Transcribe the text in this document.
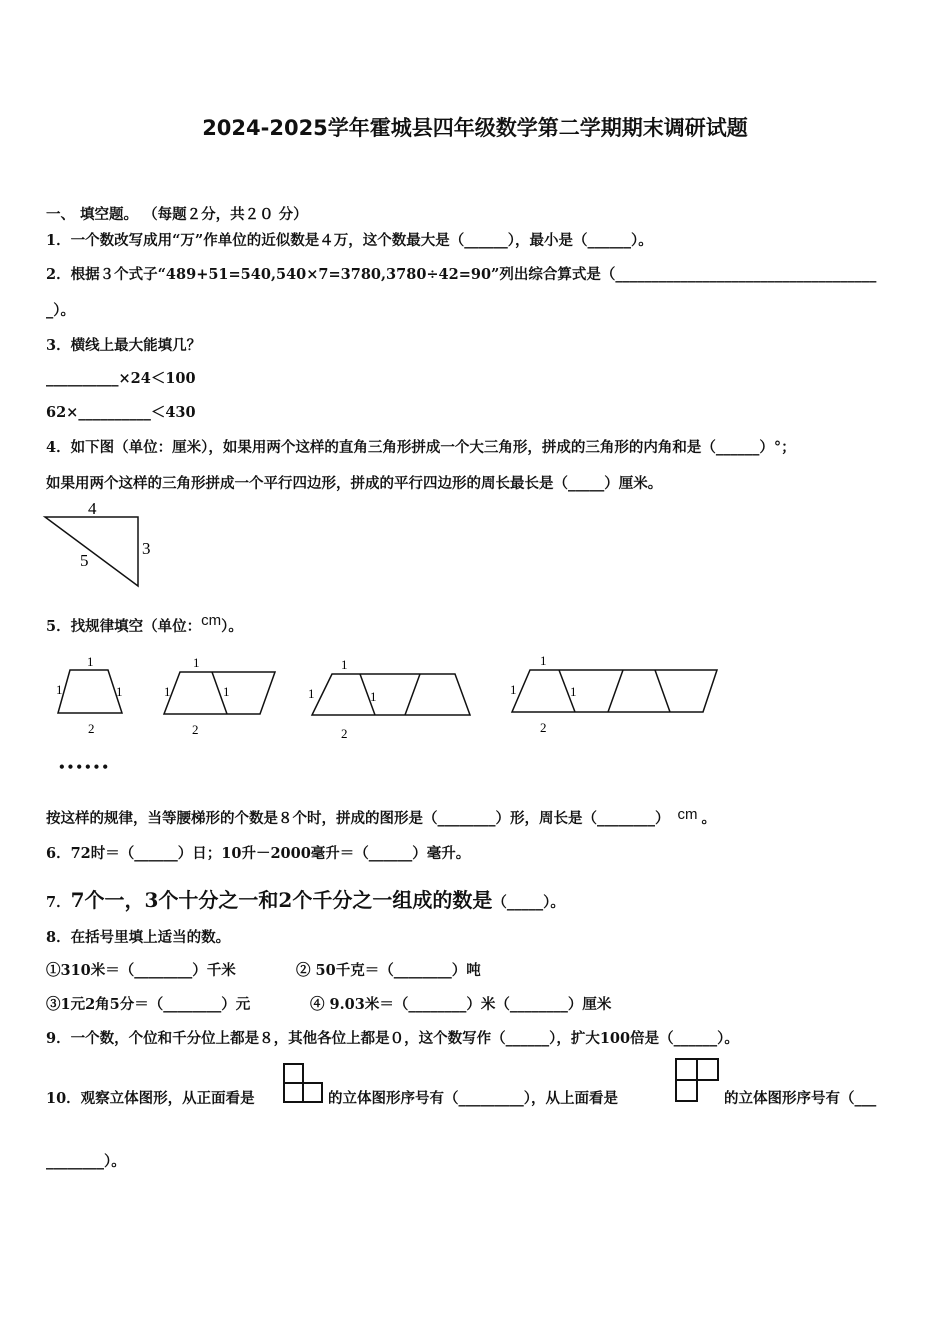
2024-2025学年霍城县四年级数学第二学期期末调研试题
一、 填空题。 （每题２分，共２０ 分）
1．一个数改写成用“万”作单位的近似数是４万，这个数最大是（______），最小是（______）。
2．根据３个式子“489+51=540,540×7=3780,3780÷42=90”列出综合算式是（____________________________________
_）。
3．横线上最大能填几？
__________×24＜100
62×__________＜430
4．如下图（单位：厘米），如果用两个这样的直角三角形拼成一个大三角形，拼成的三角形的内角和是（______）°；
如果用两个这样的三角形拼成一个平行四边形，拼成的平行四边形的周长最长是（_____）厘米。
4
5
3
5．找规律填空（单位：cm）。
1
1	1
2
1
1	1
2
1
1	1
2
1
1	1
2
••••••
按这样的规律，当等腰梯形的个数是８个时，拼成的图形是（________）形，周长是（________） cm 。
6．72时＝（______）日；10升－2000毫升＝（______）毫升。
7．7个一，3个十分之一和2个千分之一组成的数是（_____）。
8．在括号里填上适当的数。
①310米＝（________）千米	② 50千克＝（________）吨
③1元2角5分＝（________）元	④ 9.03米＝（________）米（________）厘米
9．一个数，个位和千分位上都是８，其他各位上都是０，这个数写作（______），扩大100倍是（______）。
10．观察立体图形，从正面看是	的立体图形序号有（_________），从上面看是	的立体图形序号有（___
________）。
